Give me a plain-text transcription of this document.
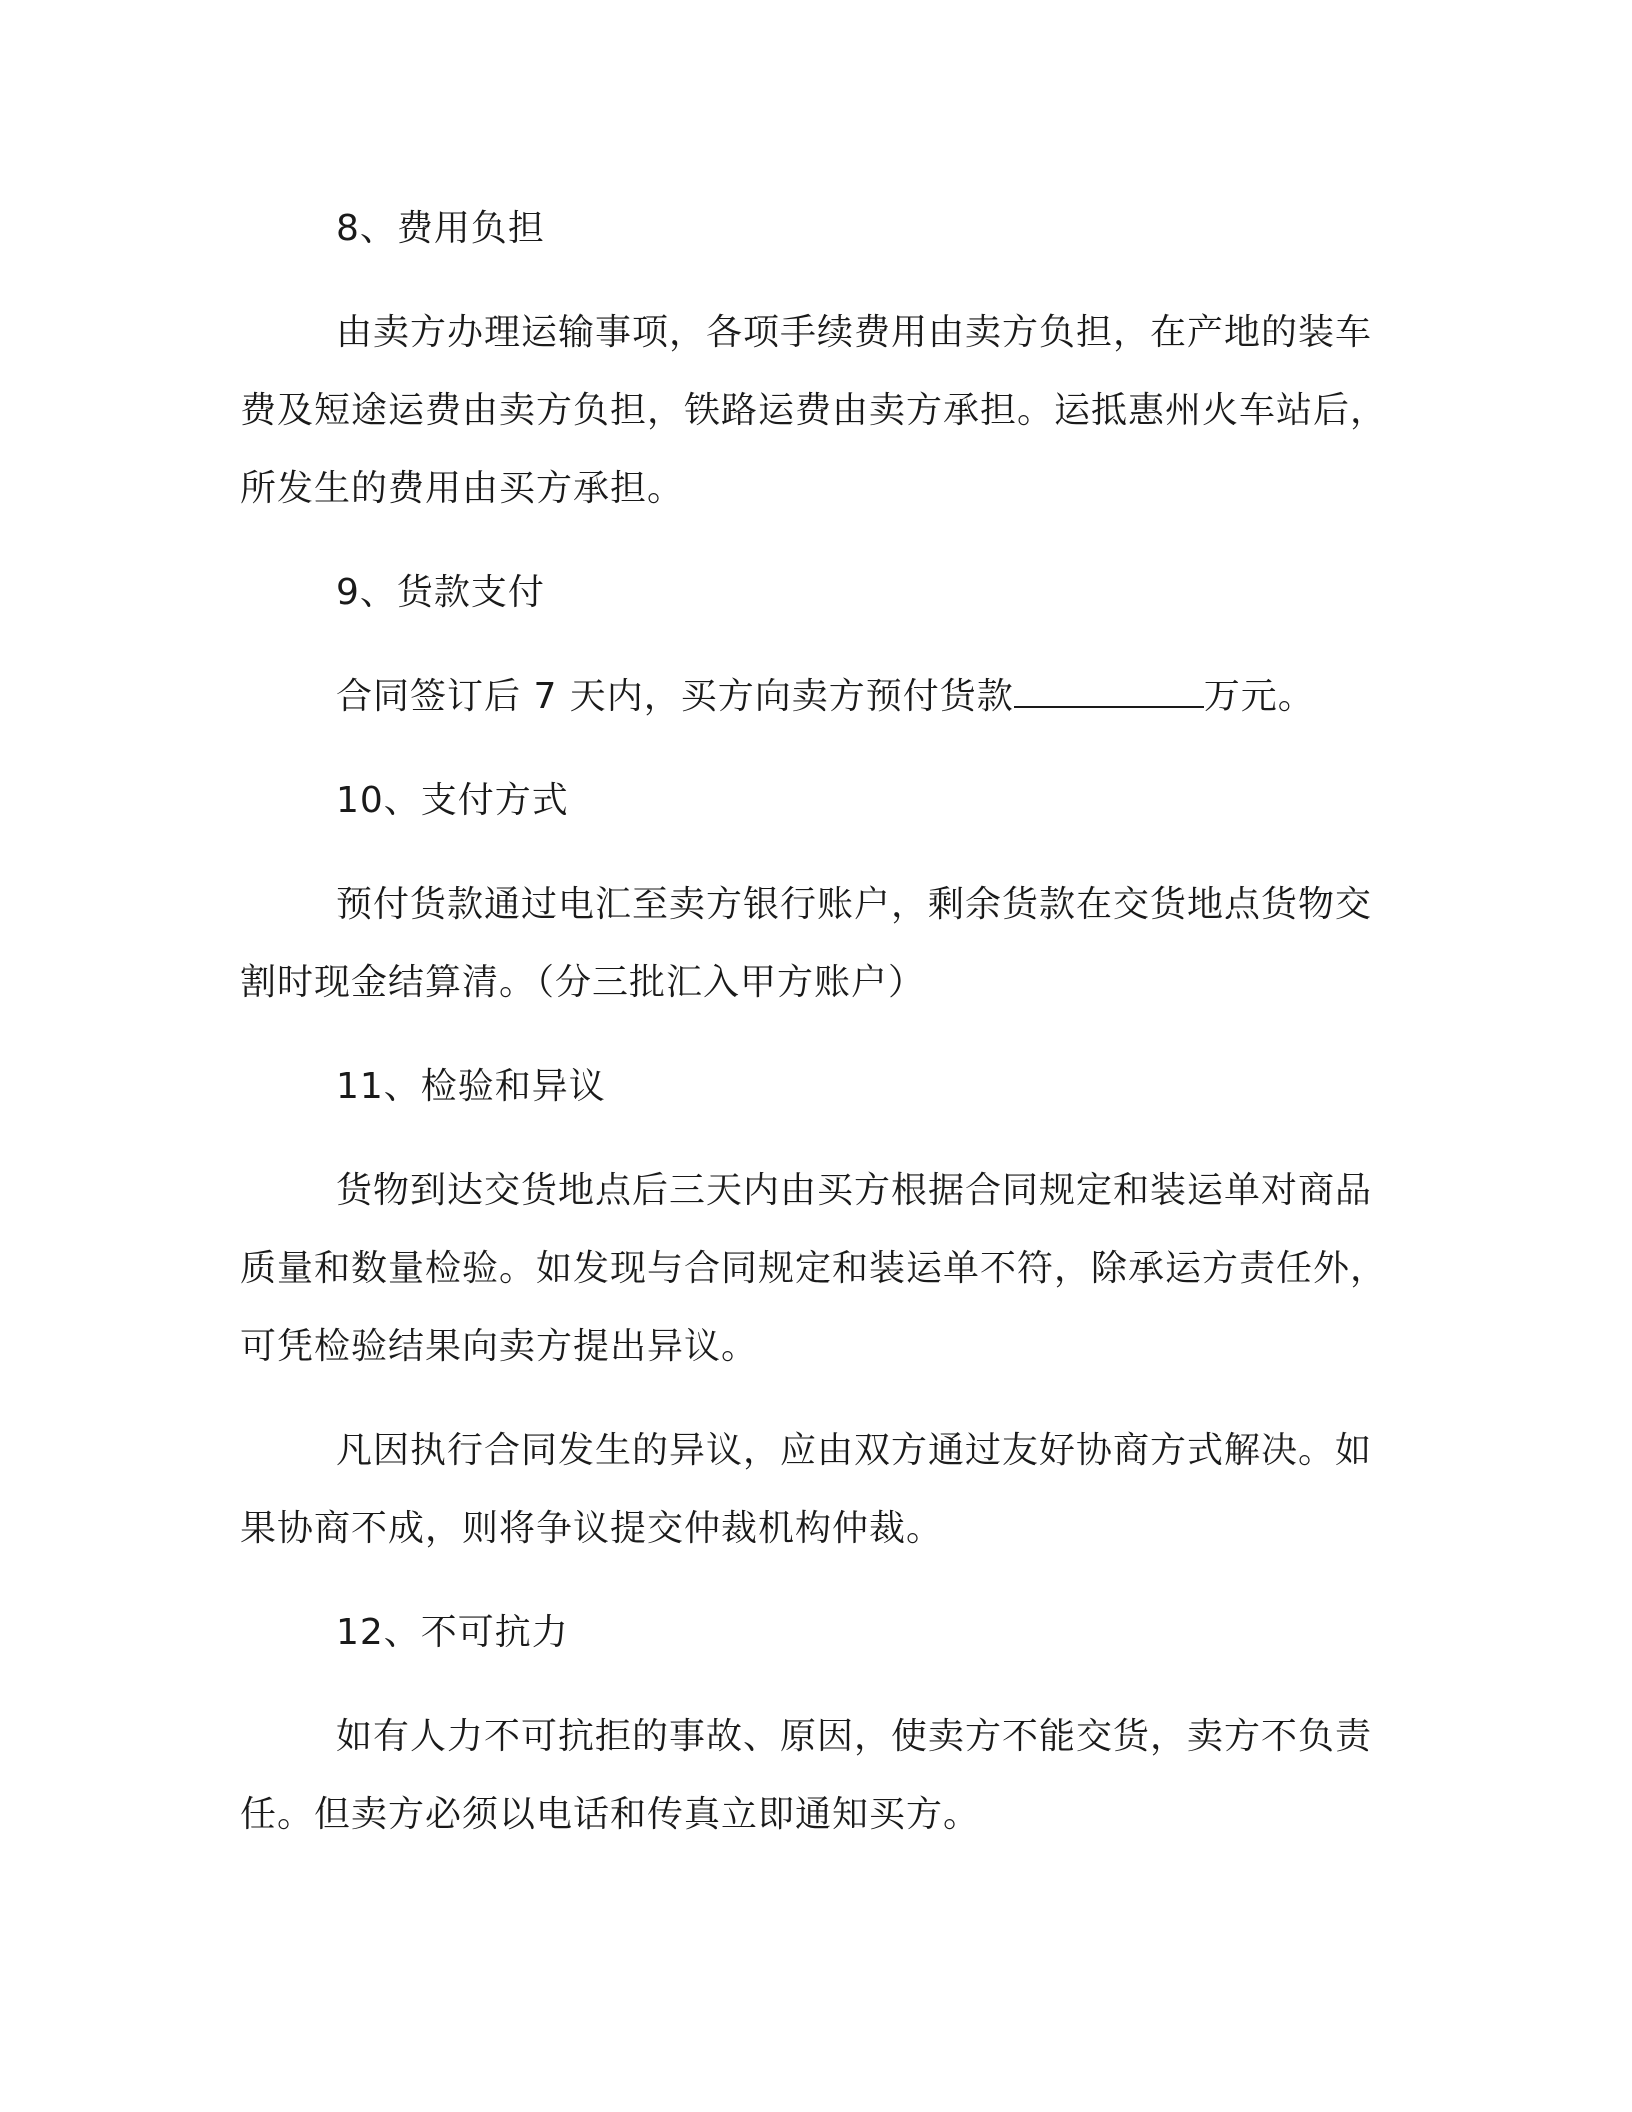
8、费用负担

由卖方办理运输事项，各项手续费用由卖方负担，在产地的装车费及短途运费由卖方负担，铁路运费由卖方承担。运抵惠州火车站后，所发生的费用由买方承担。

9、货款支付

合同签订后 7 天内，买方向卖方预付货款	万元。

10、支付方式

预付货款通过电汇至卖方银行账户，剩余货款在交货地点货物交割时现金结算清。（分三批汇入甲方账户）

11、检验和异议

货物到达交货地点后三天内由买方根据合同规定和装运单对商品质量和数量检验。如发现与合同规定和装运单不符，除承运方责任外，可凭检验结果向卖方提出异议。

凡因执行合同发生的异议，应由双方通过友好协商方式解决。如果协商不成，则将争议提交仲裁机构仲裁。

12、不可抗力

如有人力不可抗拒的事故、原因，使卖方不能交货，卖方不负责任。但卖方必须以电话和传真立即通知买方。
